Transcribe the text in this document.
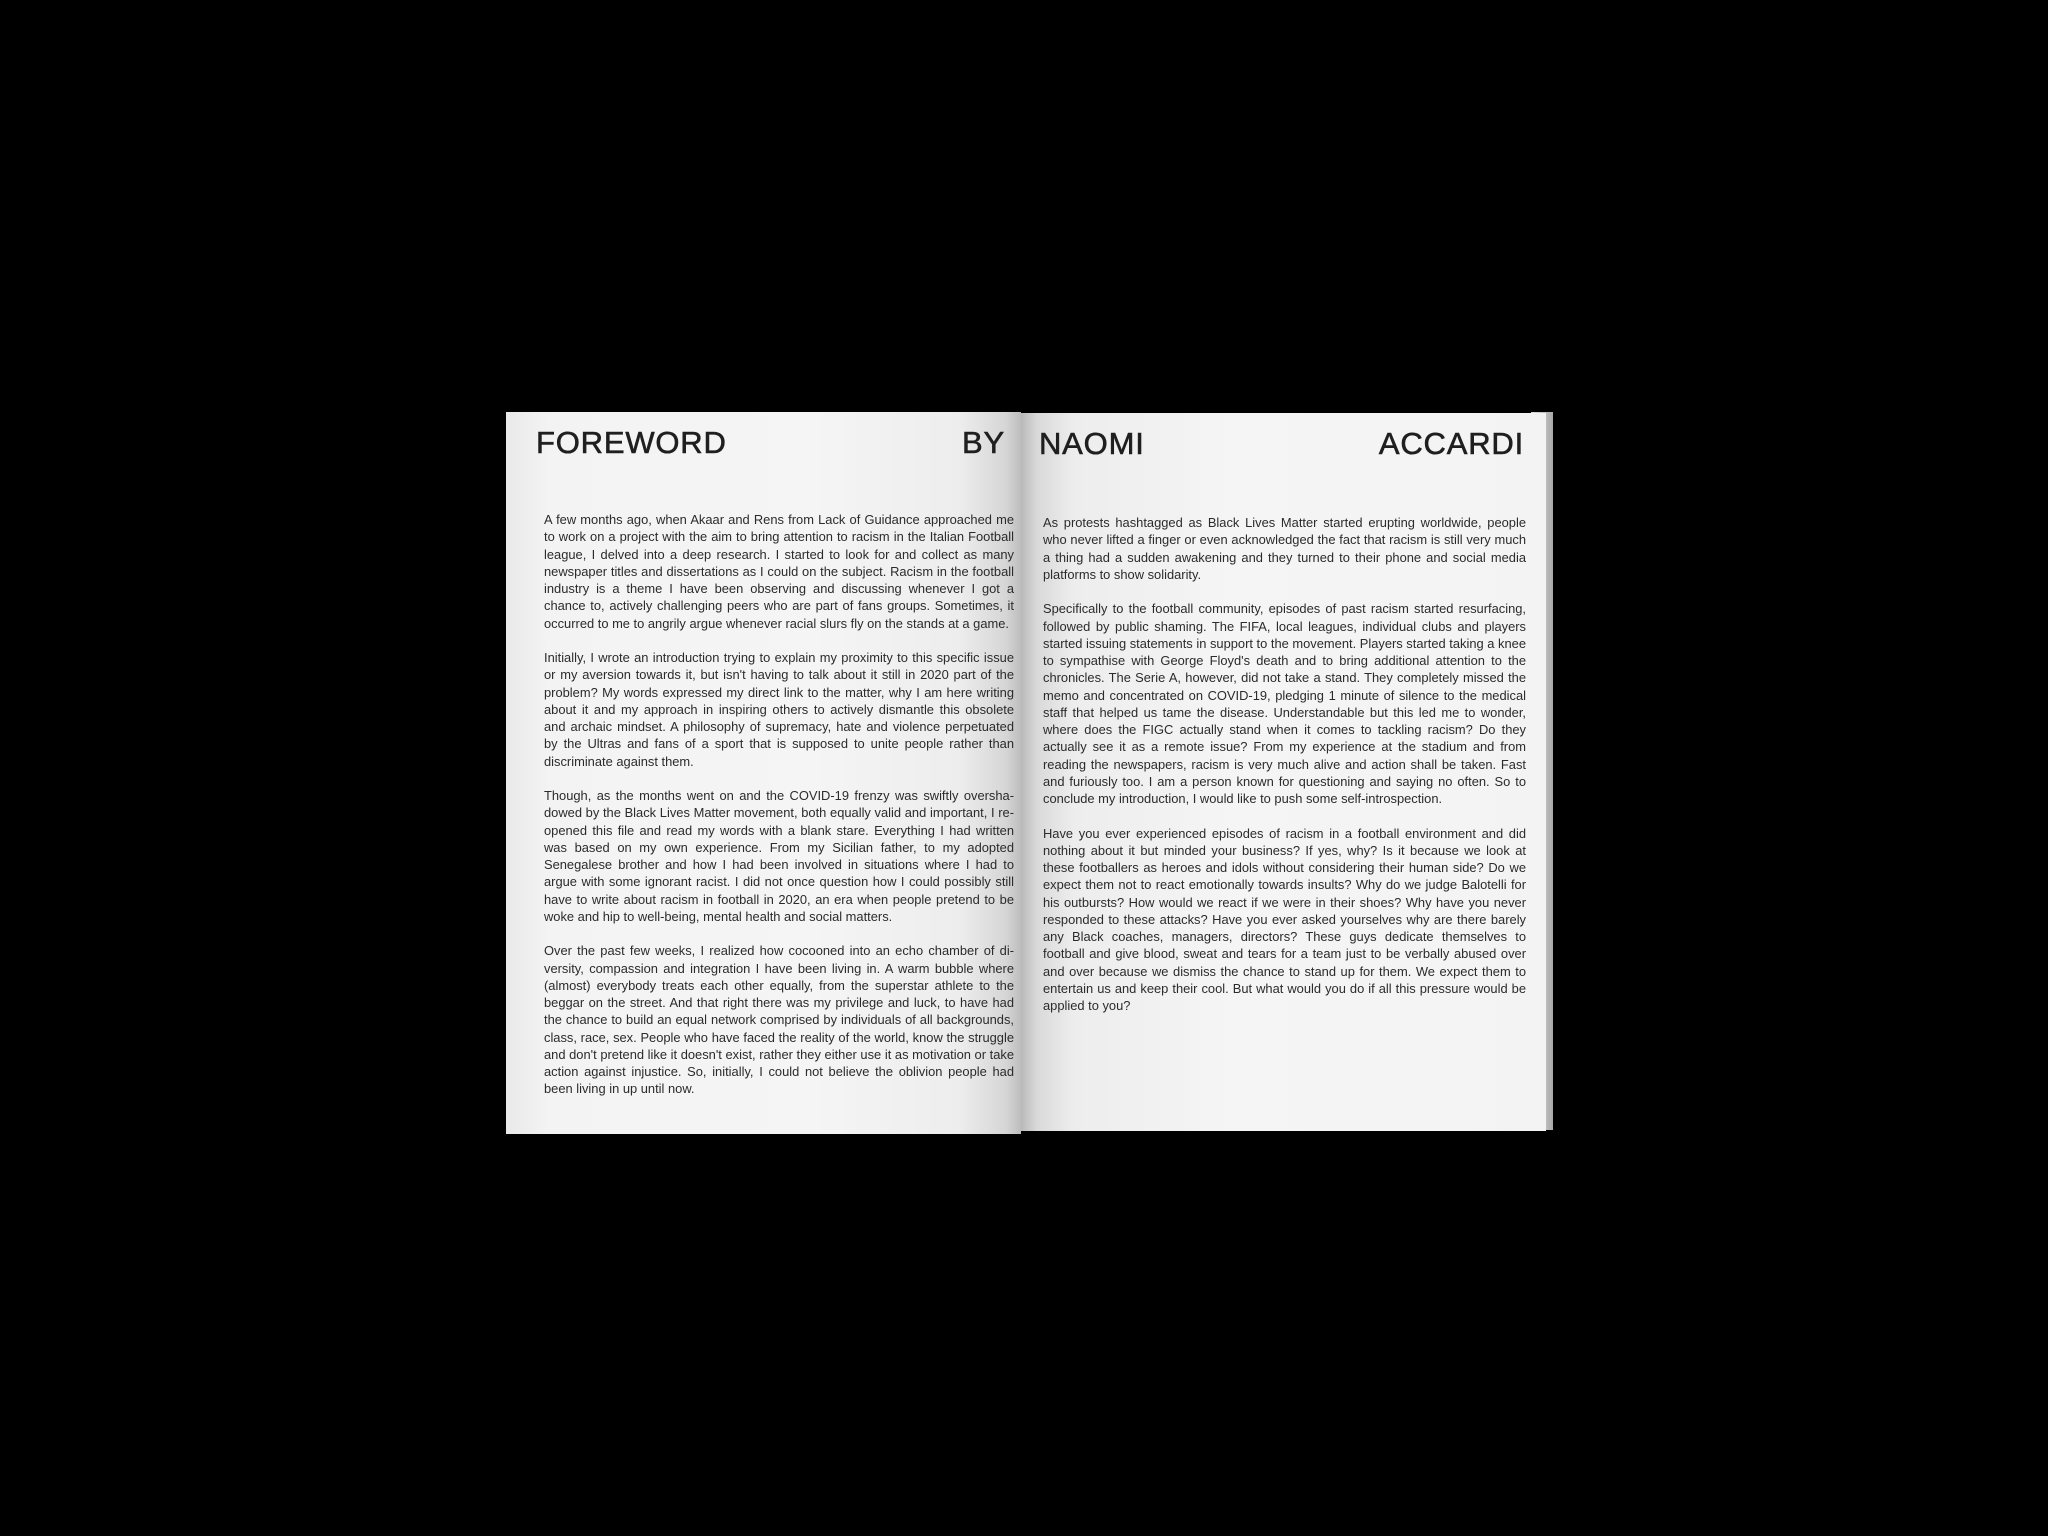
FOREWORD	BY

A few months ago, when Akaar and Rens from Lack of Guidance approached me to work on a project with the aim to bring attention to racism in the Italian Football league, I delved into a deep research. I started to look for and collect as many newspaper titles and dissertations as I could on the subject. Racism in the football industry is a theme I have been observing and discussing whenever I got a chance to, actively challenging peers who are part of fans groups. Sometimes, it occurred to me to angrily argue whenever racial slurs fly on the stands at a game.

Initially, I wrote an introduction trying to explain my proximity to this specific issue or my aversion towards it, but isn't having to talk about it still in 2020 part of the problem? My words expressed my direct link to the matter, why I am here writing about it and my approach in inspiring others to actively dismantle this obsolete and archaic mindset. A philosophy of supremacy, hate and violence perpetuated by the Ultras and fans of a sport that is supposed to unite people rather than discriminate against them.

Though, as the months went on and the COVID-19 frenzy was swiftly overshadowed by the Black Lives Matter movement, both equally valid and important, I re-opened this file and read my words with a blank stare. Everything I had written was based on my own experience. From my Sicilian father, to my adopted Senegalese brother and how I had been involved in situations where I had to argue with some ignorant racist. I did not once question how I could possibly still have to write about racism in football in 2020, an era when people pretend to be woke and hip to well-being, mental health and social matters.

Over the past few weeks, I realized how cocooned into an echo chamber of diversity, compassion and integration I have been living in. A warm bubble where (almost) everybody treats each other equally, from the superstar athlete to the beggar on the street. And that right there was my privilege and luck, to have had the chance to build an equal network comprised by individuals of all backgrounds, class, race, sex. People who have faced the reality of the world, know the struggle and don't pretend like it doesn't exist, rather they either use it as motivation or take action against injustice. So, initially, I could not believe the oblivion people had been living in up until now.

NAOMI	ACCARDI

As protests hashtagged as Black Lives Matter started erupting worldwide, people who never lifted a finger or even acknowledged the fact that racism is still very much a thing had a sudden awakening and they turned to their phone and social media platforms to show solidarity.

Specifically to the football community, episodes of past racism started resurfacing, followed by public shaming. The FIFA, local leagues, individual clubs and players started issuing statements in support to the movement. Players started taking a knee to sympathise with George Floyd's death and to bring additional attention to the chronicles. The Serie A, however, did not take a stand. They completely missed the memo and concentrated on COVID-19, pledging 1 minute of silence to the medical staff that helped us tame the disease. Understandable but this led me to wonder, where does the FIGC actually stand when it comes to tackling racism? Do they actually see it as a remote issue? From my experience at the stadium and from reading the newspapers, racism is very much alive and action shall be taken. Fast and furiously too. I am a person known for questioning and saying no often. So to conclude my introduction, I would like to push some self-introspection.

Have you ever experienced episodes of racism in a football environment and did nothing about it but minded your business? If yes, why? Is it because we look at these footballers as heroes and idols without considering their human side? Do we expect them not to react emotionally towards insults? Why do we judge Balotelli for his outbursts? How would we react if we were in their shoes? Why have you never responded to these attacks? Have you ever asked yourselves why are there barely any Black coaches, managers, directors? These guys dedicate themselves to football and give blood, sweat and tears for a team just to be verbally abused over and over because we dismiss the chance to stand up for them. We expect them to entertain us and keep their cool. But what would you do if all this pressure would be applied to you?
